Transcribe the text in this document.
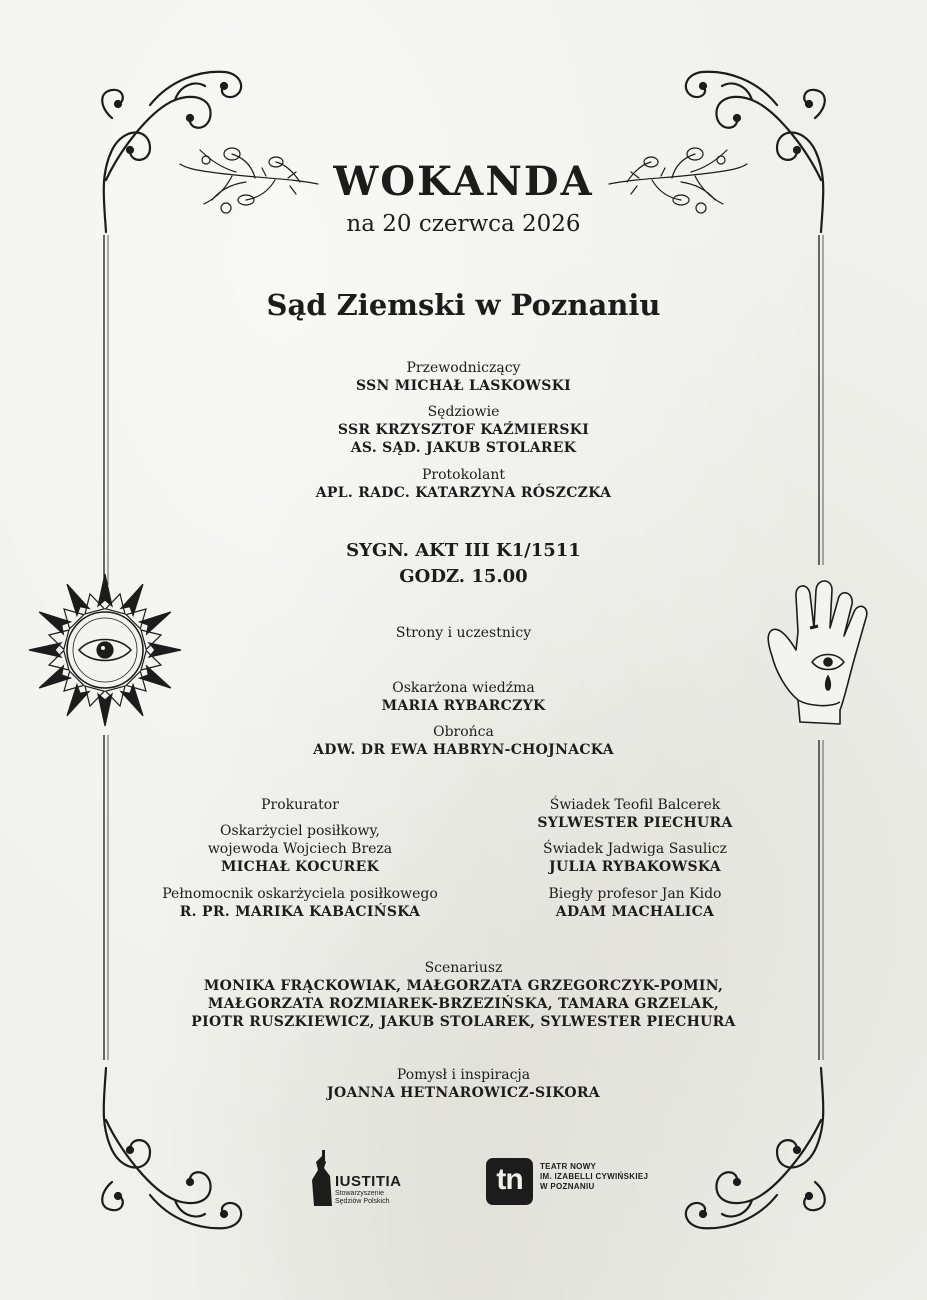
WOKANDA
na 20 czerwca 2026
Sąd Ziemski w Poznaniu
Przewodniczący
SSN MICHAŁ LASKOWSKI
Sędziowie
SSR KRZYSZTOF KAŹMIERSKI
AS. SĄD. JAKUB STOLAREK
Protokolant
APL. RADC. KATARZYNA RÓSZCZKA
SYGN. AKT III K1/1511
GODZ. 15.00
Strony i uczestnicy
Oskarżona wiedźma
MARIA RYBARCZYK
Obrońca
ADW. DR EWA HABRYN-CHOJNACKA
Prokurator
Oskarżyciel posiłkowy,
wojewoda Wojciech Breza
MICHAŁ KOCUREK
Pełnomocnik oskarżyciela posiłkowego
R. PR. MARIKA KABACIŃSKA
Świadek Teofil Balcerek
SYLWESTER PIECHURA
Świadek Jadwiga Sasulicz
JULIA RYBAKOWSKA
Biegły profesor Jan Kido
ADAM MACHALICA
Scenariusz
MONIKA FRĄCKOWIAK, MAŁGORZATA GRZEGORCZYK-POMIN,
MAŁGORZATA ROZMIAREK-BRZEZIŃSKA, TAMARA GRZELAK,
PIOTR RUSZKIEWICZ, JAKUB STOLAREK, SYLWESTER PIECHURA
Pomysł i inspiracja
JOANNA HETNAROWICZ-SIKORA
IUSTITIA
Stowarzyszenie
Sędziów Polskich
tn	TEATR NOWY
IM. IZABELLI CYWIŃSKIEJ
W POZNANIU
